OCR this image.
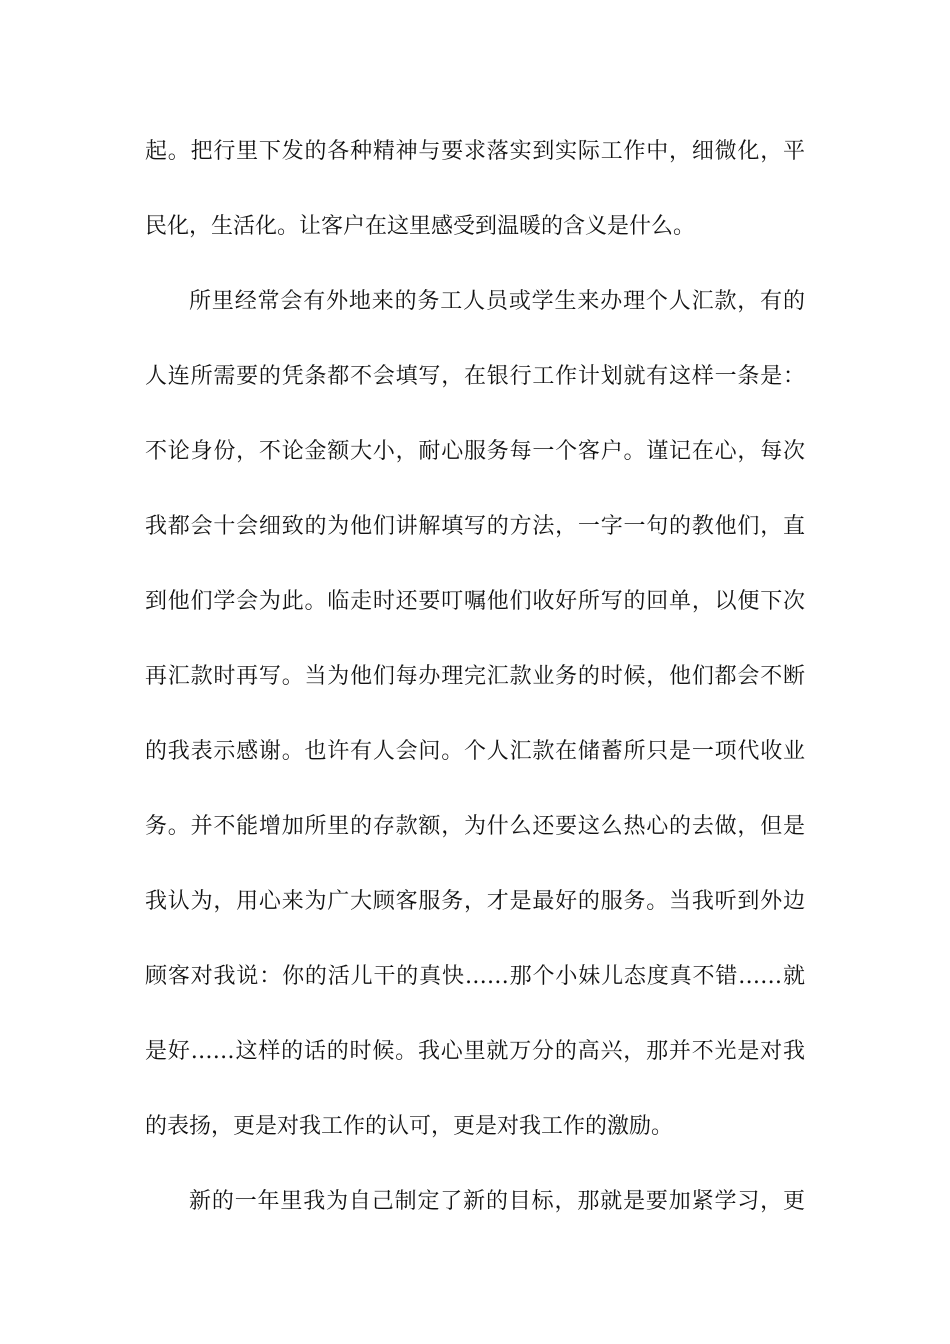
起。把行里下发的各种精神与要求落实到实际工作中，细微化，平
民化，生活化。让客户在这里感受到温暖的含义是什么。
所里经常会有外地来的务工人员或学生来办理个人汇款，有的
人连所需要的凭条都不会填写，在银行工作计划就有这样一条是：
不论身份，不论金额大小，耐心服务每一个客户。谨记在心，每次
我都会十会细致的为他们讲解填写的方法，一字一句的教他们，直
到他们学会为此。临走时还要叮嘱他们收好所写的回单，以便下次
再汇款时再写。当为他们每办理完汇款业务的时候，他们都会不断
的我表示感谢。也许有人会问。个人汇款在储蓄所只是一项代收业
务。并不能增加所里的存款额，为什么还要这么热心的去做，但是
我认为，用心来为广大顾客服务，才是最好的服务。当我听到外边
顾客对我说：你的活儿干的真快……那个小妹儿态度真不错……就
是好……这样的话的时候。我心里就万分的高兴，那并不光是对我
的表扬，更是对我工作的认可，更是对我工作的激励。
新的一年里我为自己制定了新的目标，那就是要加紧学习，更
